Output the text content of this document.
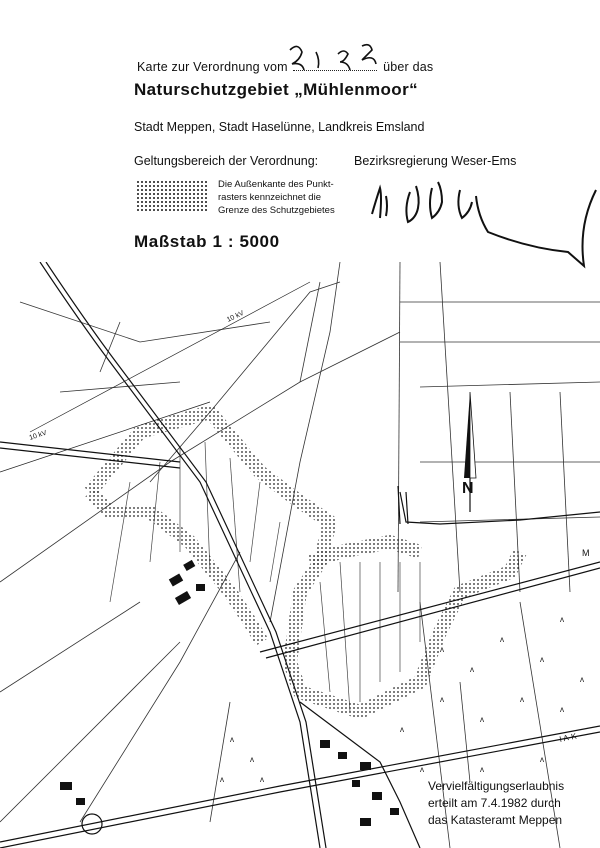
Karte zur Verordnung vom	über das
Naturschutzgebiet „Mühlenmoor“
Stadt Meppen, Stadt Haselünne, Landkreis Emsland
Geltungsbereich der Verordnung:	Bezirksregierung Weser-Ems
Die Außenkante des Punkt-
rasters kennzeichnet die
Grenze des Schutzgebietes
Maßstab 1 : 5000
10 kV
10 kV
ʌ
ʌ
ʌ
ʌ
ʌ
ʌ
ʌ
ʌ
ʌ
ʌ
ʌ	ʌ
ʌ
ʌ
ʌ
ʌ
ʌ	ʌ
M
I A-K
N
Vervielfältigungserlaubnis
erteilt am 7.4.1982 durch
das Katasteramt Meppen
